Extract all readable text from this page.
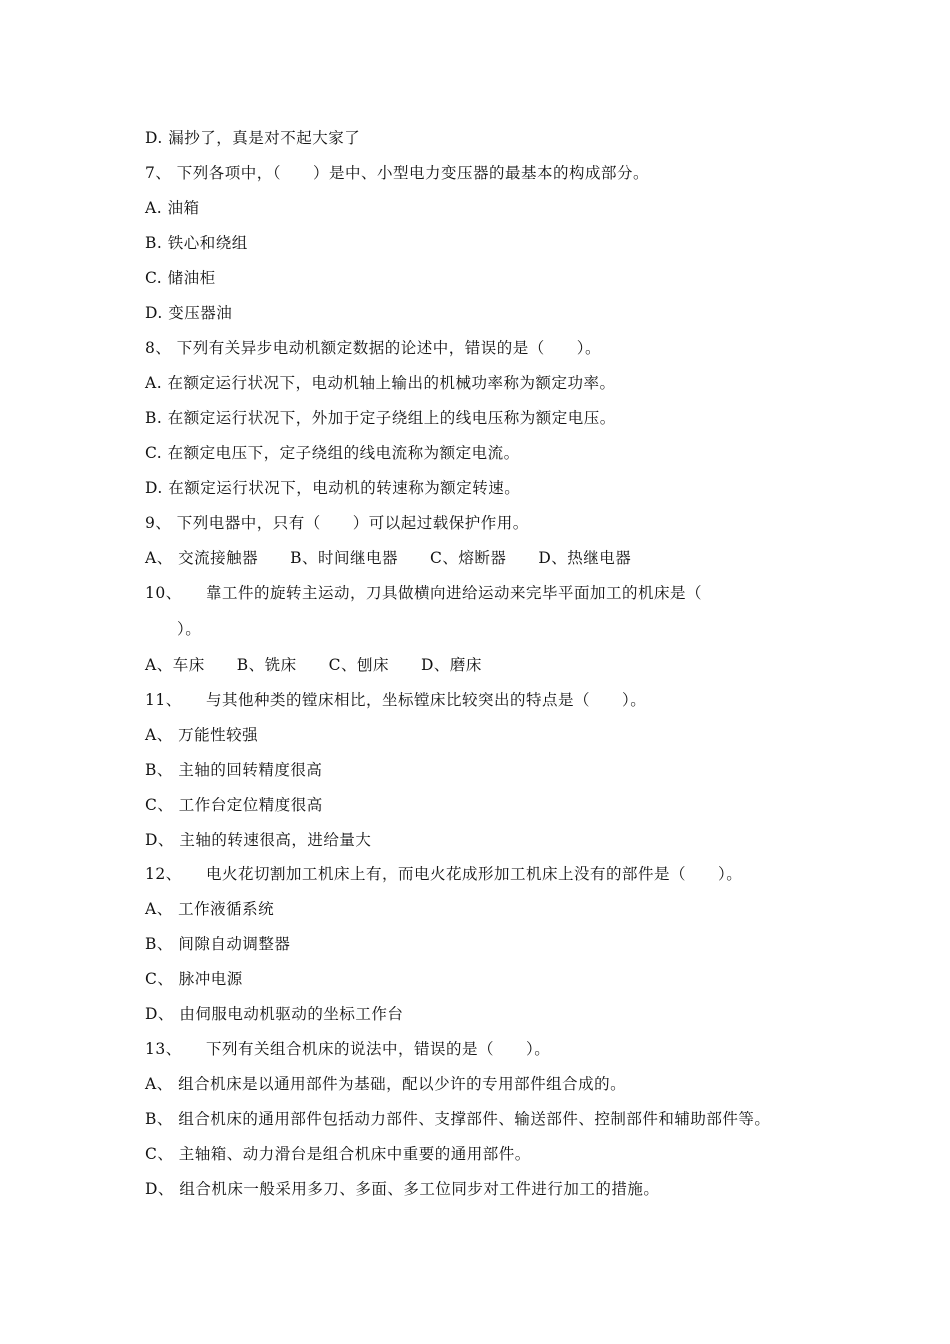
D. 漏抄了，真是对不起大家了
7、 下列各项中，（　　）是中、小型电力变压器的最基本的构成部分。
A. 油箱
B. 铁心和绕组
C. 储油柜
D. 变压器油
8、 下列有关异步电动机额定数据的论述中，错误的是（　　）。
A. 在额定运行状况下，电动机轴上输出的机械功率称为额定功率。
B. 在额定运行状况下，外加于定子绕组上的线电压称为额定电压。
C. 在额定电压下，定子绕组的线电流称为额定电流。
D. 在额定运行状况下，电动机的转速称为额定转速。
9、 下列电器中，只有（　　）可以起过载保护作用。
A、 交流接触器　　B、时间继电器　　C、熔断器　　D、热继电器
10、　　靠工件的旋转主运动，刀具做横向进给运动来完毕平面加工的机床是（
）。
A、车床　　B、铣床　　C、刨床　　D、磨床
11、　　与其他种类的镗床相比，坐标镗床比较突出的特点是（　　）。
A、 万能性较强
B、 主轴的回转精度很高
C、 工作台定位精度很高
D、 主轴的转速很高，进给量大
12、　　电火花切割加工机床上有，而电火花成形加工机床上没有的部件是（　　）。
A、 工作液循系统
B、 间隙自动调整器
C、 脉冲电源
D、 由伺服电动机驱动的坐标工作台
13、　　下列有关组合机床的说法中，错误的是（　　）。
A、 组合机床是以通用部件为基础，配以少许的专用部件组合成的。
B、 组合机床的通用部件包括动力部件、支撑部件、输送部件、控制部件和辅助部件等。
C、 主轴箱、动力滑台是组合机床中重要的通用部件。
D、 组合机床一般采用多刀、多面、多工位同步对工件进行加工的措施。
